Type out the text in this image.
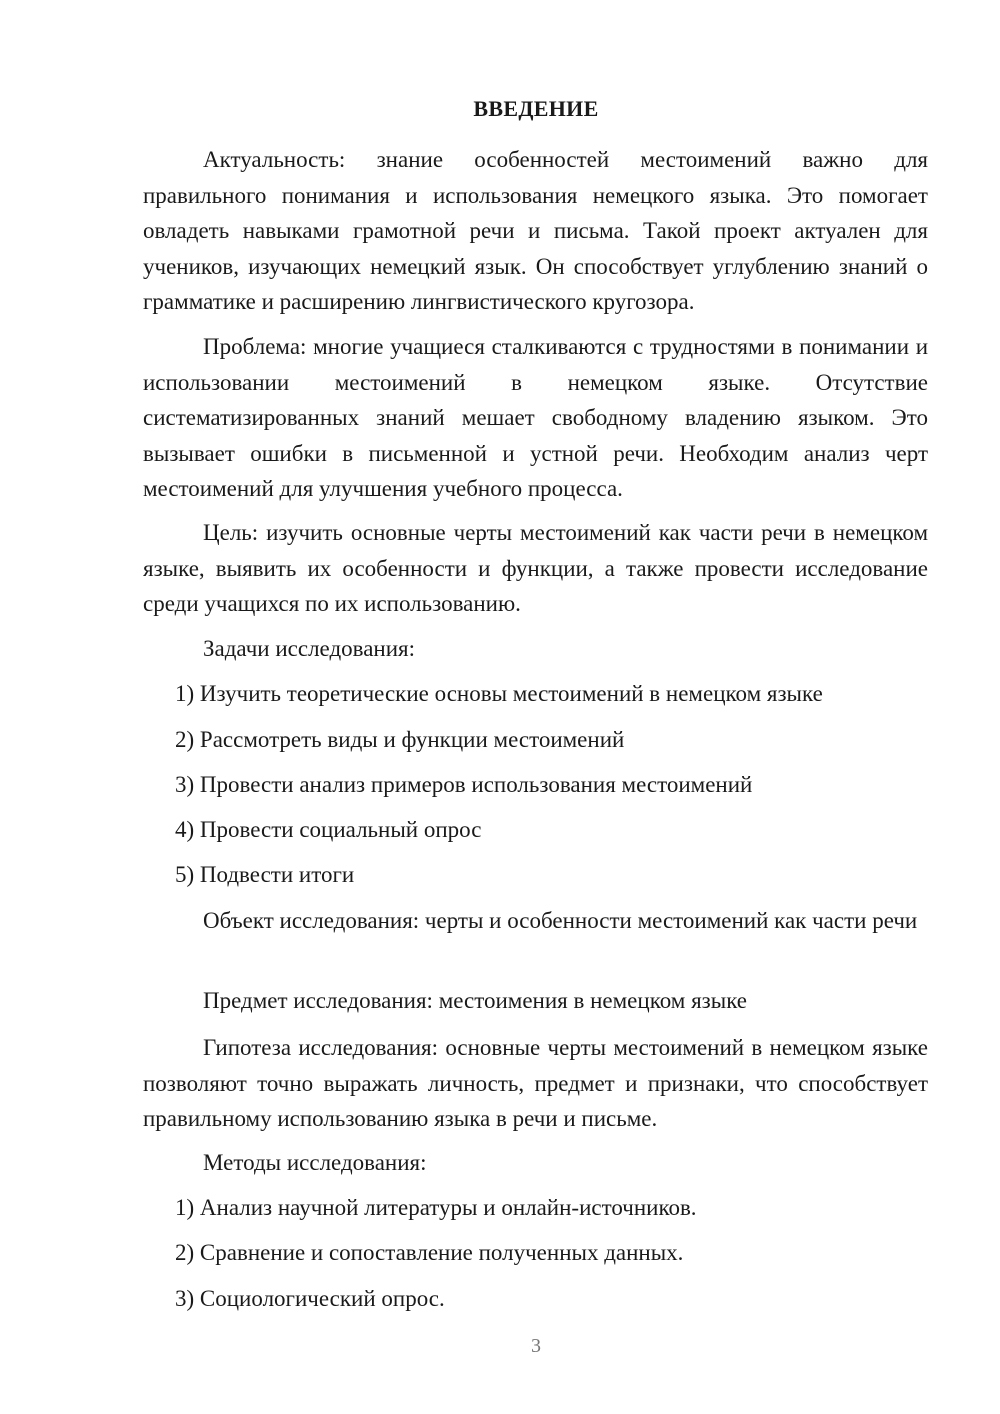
ВВЕДЕНИЕ

Актуальность: знание особенностей местоимений важно для правильного понимания и использования немецкого языка. Это помогает овладеть навыками грамотной речи и письма. Такой проект актуален для учеников, изучающих немецкий язык. Он способствует углублению знаний о грамматике и расширению лингвистического кругозора.

Проблема: многие учащиеся сталкиваются с трудностями в понимании и использовании местоимений в немецком языке. Отсутствие систематизированных знаний мешает свободному владению языком. Это вызывает ошибки в письменной и устной речи. Необходим анализ черт местоимений для улучшения учебного процесса.

Цель: изучить основные черты местоимений как части речи в немецком языке, выявить их особенности и функции, а также провести исследование среди учащихся по их использованию.

Задачи исследования:

1) Изучить теоретические основы местоимений в немецком языке

2) Рассмотреть виды и функции местоимений

3) Провести анализ примеров использования местоимений

4) Провести социальный опрос

5) Подвести итоги

Объект исследования: черты и особенности местоимений как части речи

Предмет исследования: местоимения в немецком языке

Гипотеза исследования: основные черты местоимений в немецком языке позволяют точно выражать личность, предмет и признаки, что способствует правильному использованию языка в речи и письме.

Методы исследования:

1) Анализ научной литературы и онлайн-источников.

2) Сравнение и сопоставление полученных данных.

3) Социологический опрос.

3
